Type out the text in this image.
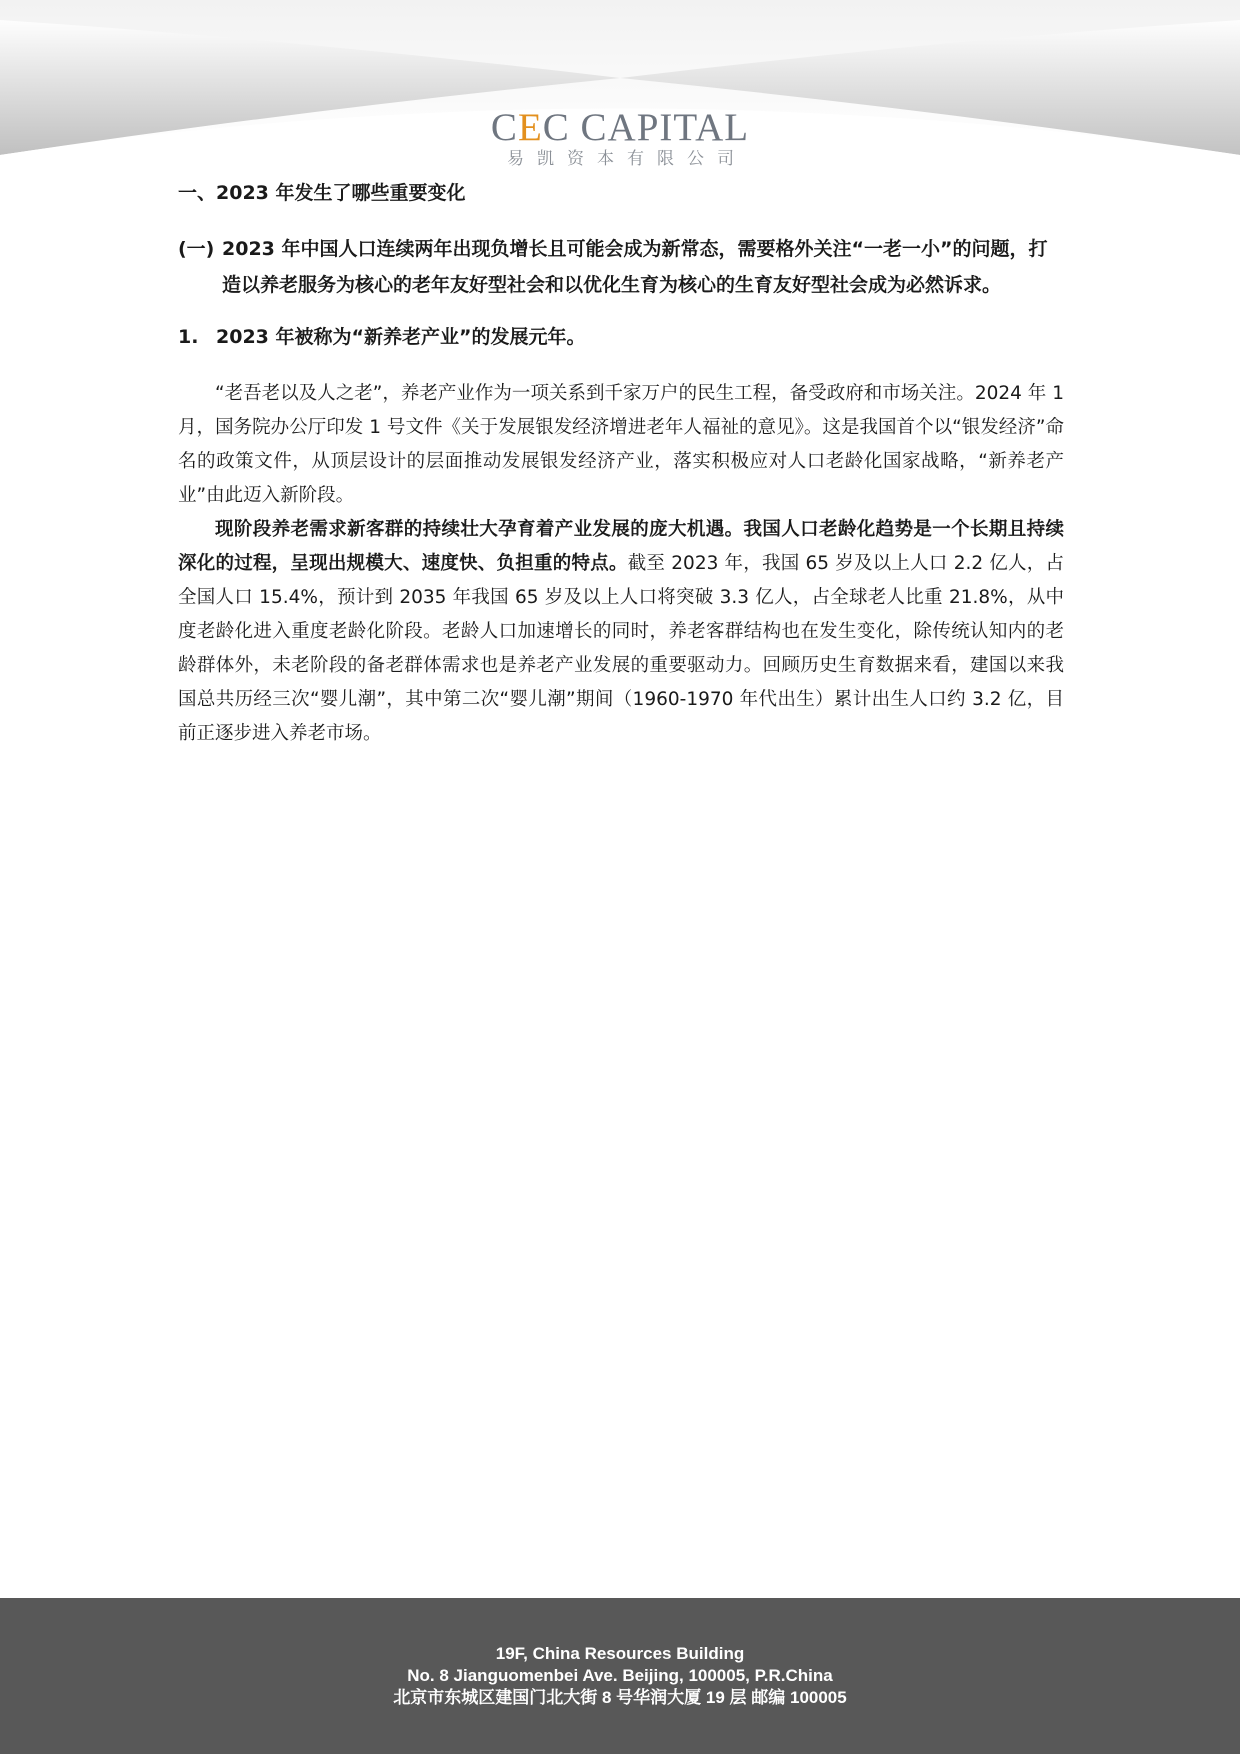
CEC CAPITAL
易凯资本有限公司
一、2023 年发生了哪些重要变化
(一) 2023 年中国人口连续两年出现负增长且可能会成为新常态，需要格外关注“一老一小”的问题，打造以养老服务为核心的老年友好型社会和以优化生育为核心的生育友好型社会成为必然诉求。
1. 2023 年被称为“新养老产业”的发展元年。

“老吾老以及人之老”，养老产业作为一项关系到千家万户的民生工程，备受政府和市场关注。2024 年 1 月，国务院办公厅印发 1 号文件《关于发展银发经济增进老年人福祉的意见》。这是我国首个以“银发经济”命名的政策文件，从顶层设计的层面推动发展银发经济产业，落实积极应对人口老龄化国家战略，“新养老产业”由此迈入新阶段。

现阶段养老需求新客群的持续壮大孕育着产业发展的庞大机遇。我国人口老龄化趋势是一个长期且持续深化的过程，呈现出规模大、速度快、负担重的特点。截至 2023 年，我国 65 岁及以上人口 2.2 亿人，占全国人口 15.4%，预计到 2035 年我国 65 岁及以上人口将突破 3.3 亿人，占全球老人比重 21.8%，从中度老龄化进入重度老龄化阶段。老龄人口加速增长的同时，养老客群结构也在发生变化，除传统认知内的老龄群体外，未老阶段的备老群体需求也是养老产业发展的重要驱动力。回顾历史生育数据来看，建国以来我国总共历经三次“婴儿潮”，其中第二次“婴儿潮”期间（1960-1970 年代出生）累计出生人口约 3.2 亿，目前正逐步进入养老市场。

19F, China Resources Building
No. 8 Jianguomenbei Ave. Beijing, 100005, P.R.China
北京市东城区建国门北大街 8 号华润大厦 19 层 邮编 100005
